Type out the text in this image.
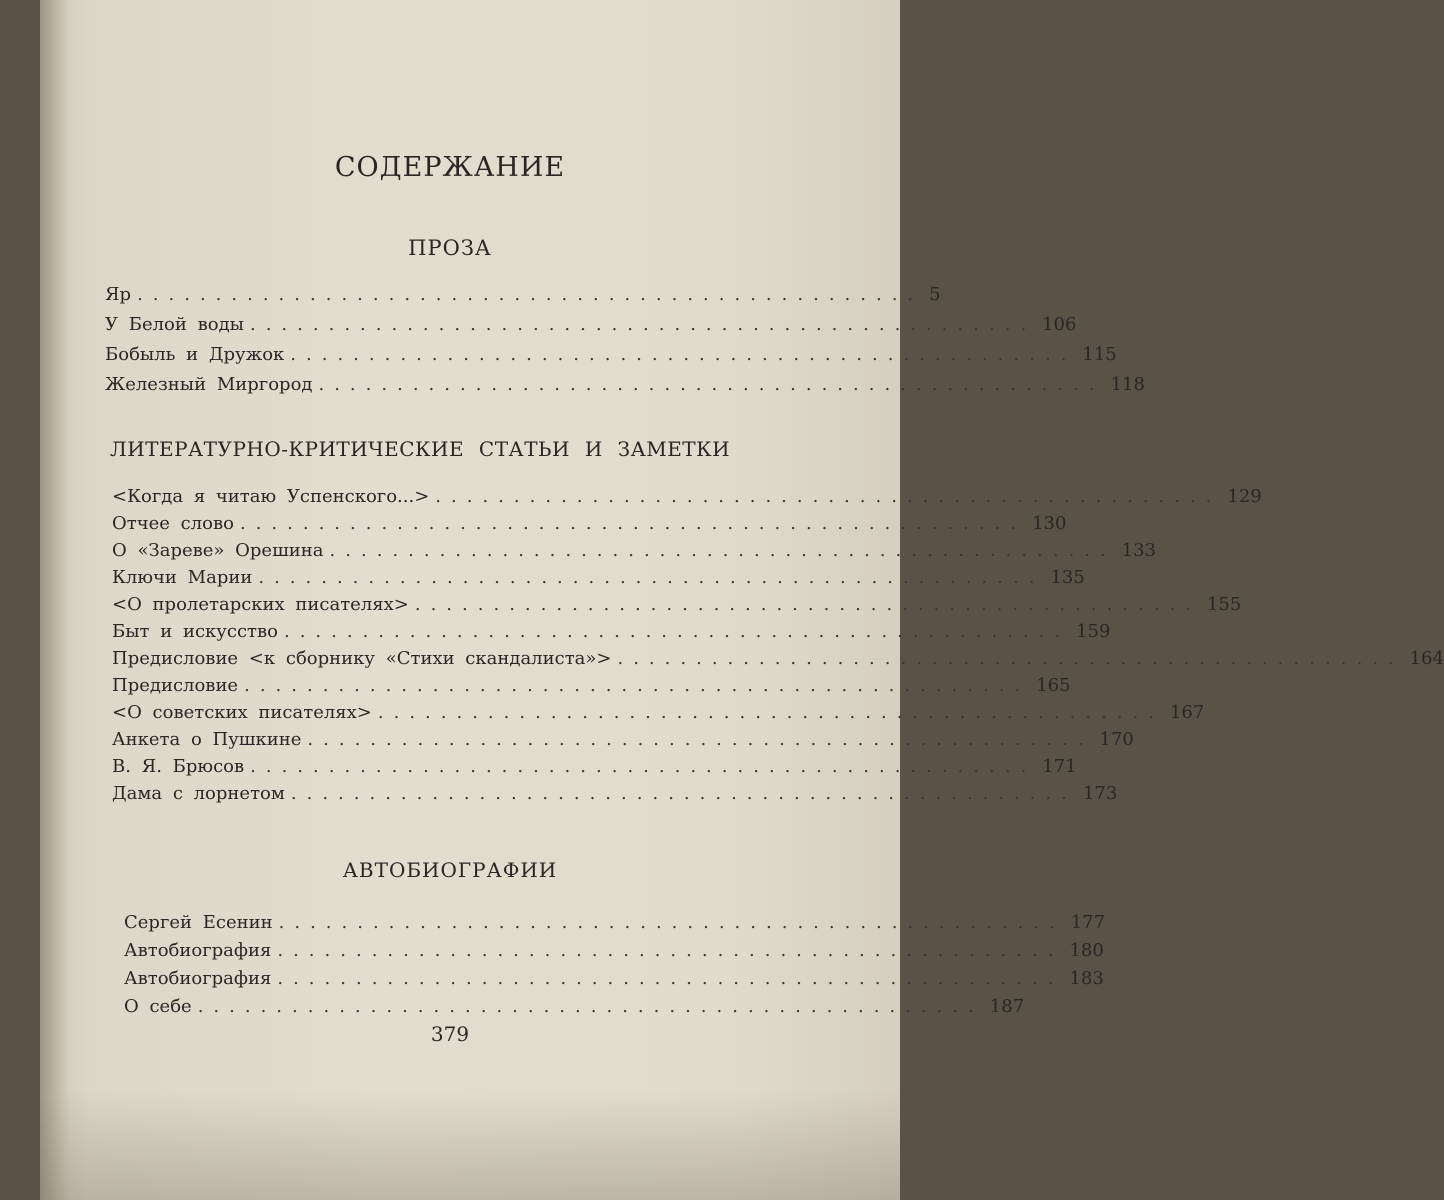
СОДЕРЖАНИЕ
ПРОЗА
Яр .................................................. 5
У Белой воды .................................................. 106
Бобыль и Дружок .................................................. 115
Железный Миргород .................................................. 118
ЛИТЕРАТУРНО-КРИТИЧЕСКИЕ СТАТЬИ И ЗАМЕТКИ
<Когда я читаю Успенского...> .................................................. 129
Отчее слово .................................................. 130
О «Зареве» Орешина .................................................. 133
Ключи Марии .................................................. 135
<О пролетарских писателях> .................................................. 155
Быт и искусство .................................................. 159
Предисловие <к сборнику «Стихи скандалиста»> .................................................. 164
Предисловие .................................................. 165
<О советских писателях> .................................................. 167
Анкета о Пушкине .................................................. 170
В. Я. Брюсов .................................................. 171
Дама с лорнетом .................................................. 173
АВТОБИОГРАФИИ
Сергей Есенин .................................................. 177
Автобиография .................................................. 180
Автобиография .................................................. 183
О себе .................................................. 187
379
